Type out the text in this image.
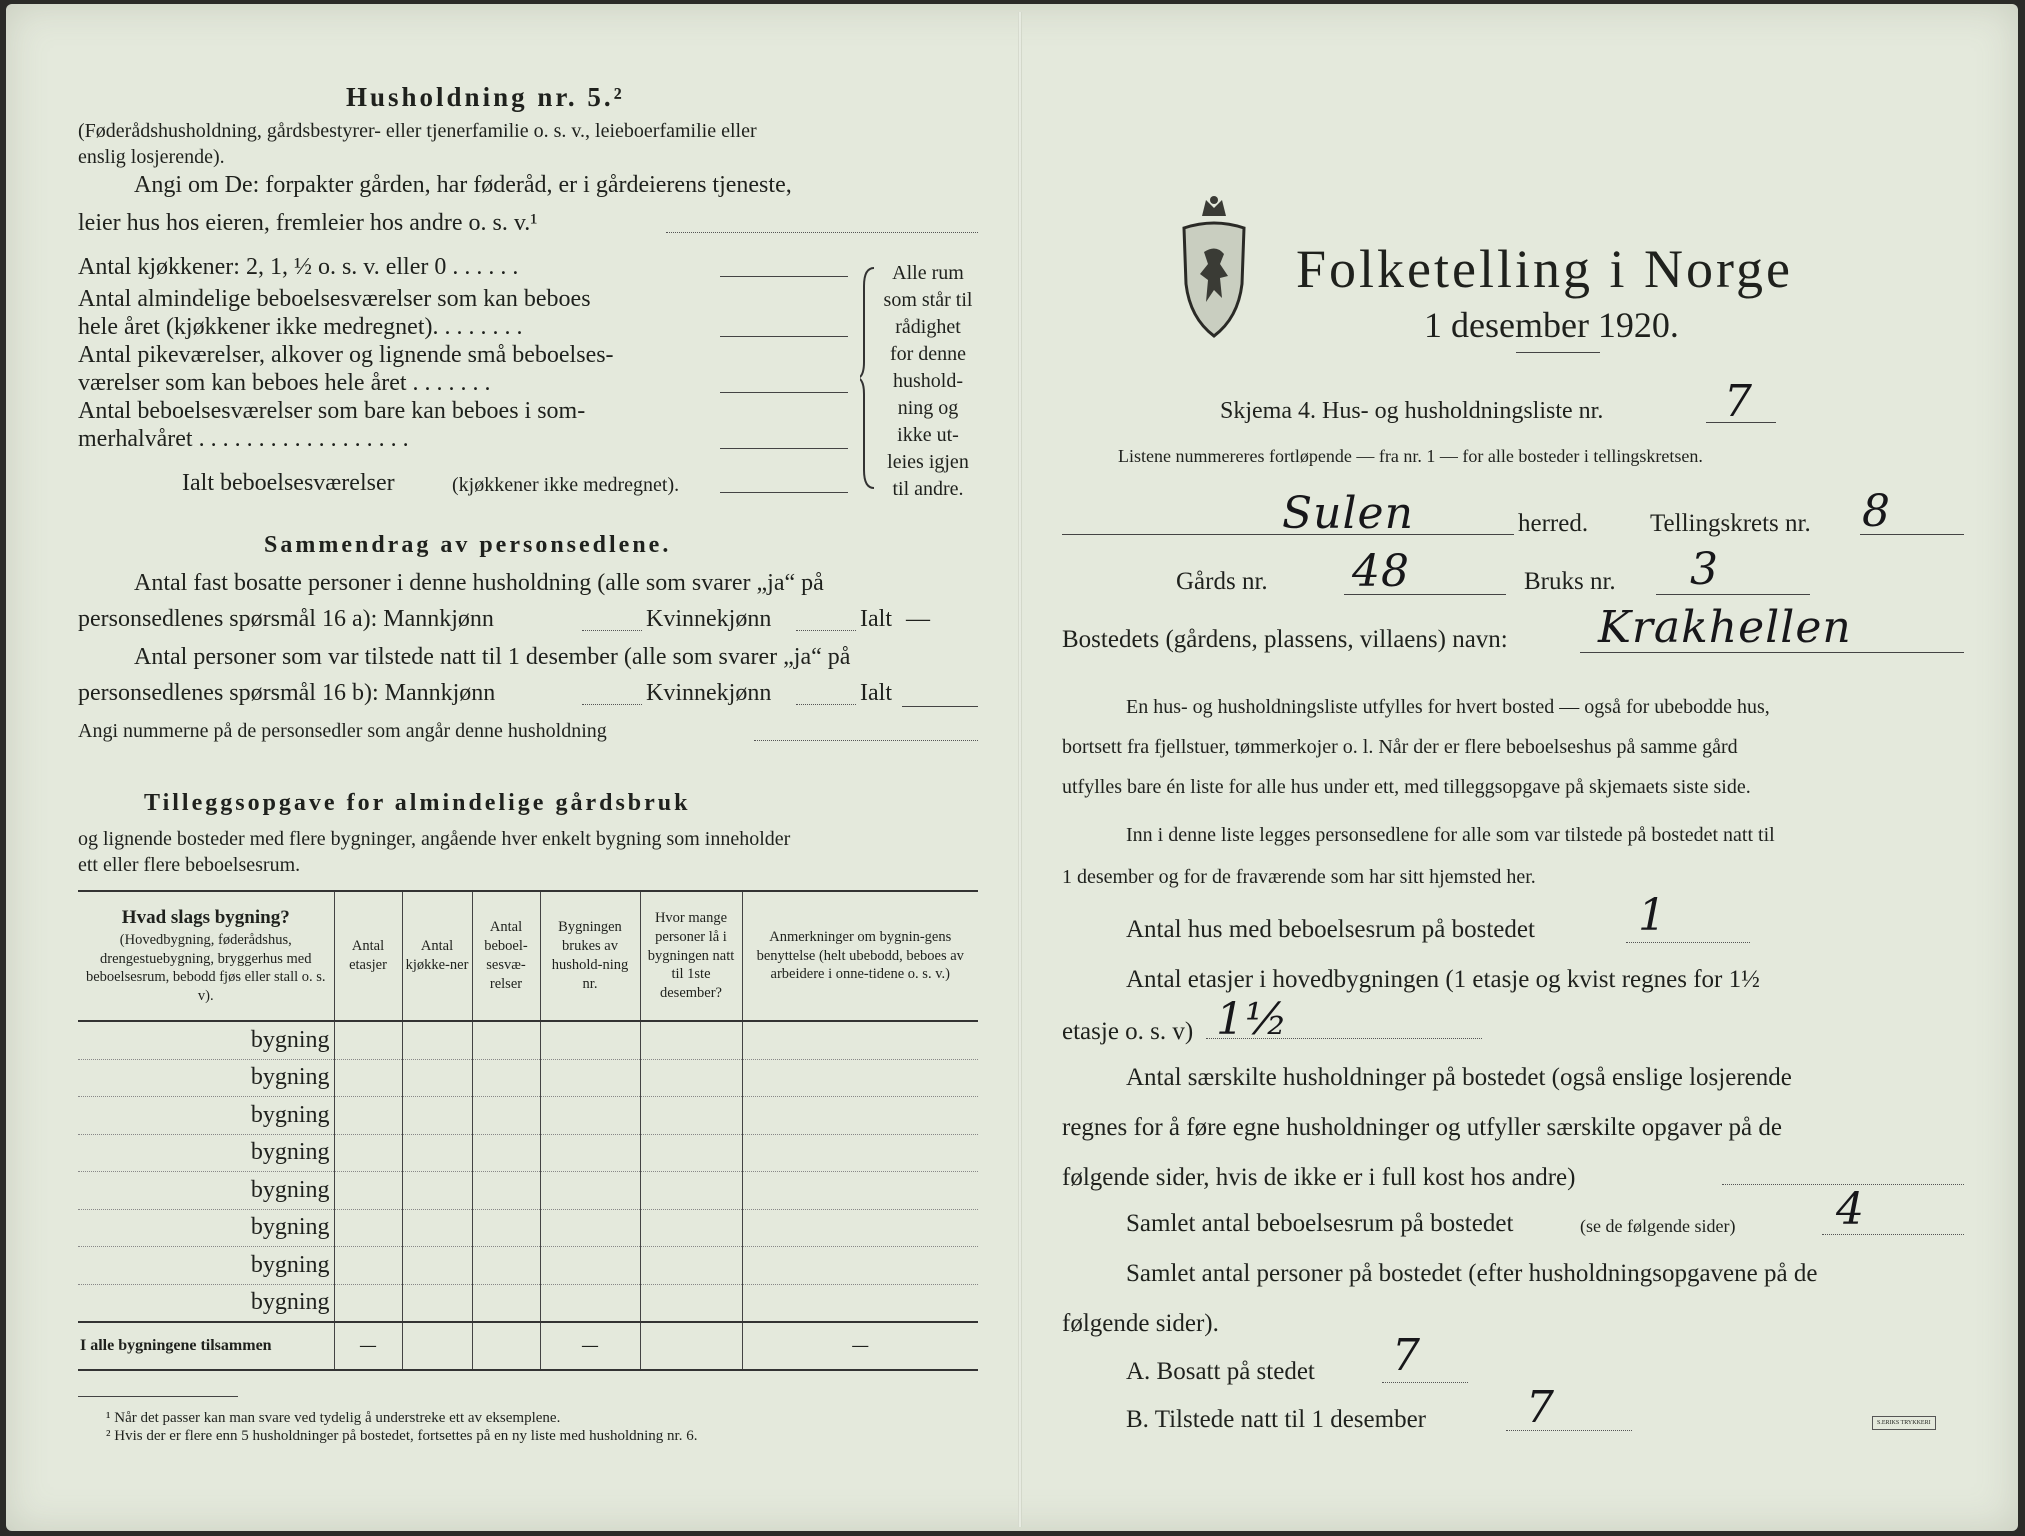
Husholdning nr. 5.²
(Føderådshusholdning, gårdsbestyrer- eller tjenerfamilie o. s. v., leieboerfamilie eller
enslig losjerende).
Angi om De: forpakter gården, har føderåd, er i gårdeierens tjeneste,
leier hus hos eieren, fremleier hos andre o. s. v.¹
Antal kjøkkener: 2, 1, ½ o. s. v. eller 0 . . . . . .
Antal almindelige beboelsesværelser som kan beboes
hele året (kjøkkener ikke medregnet). . . . . . . .
Antal pikeværelser, alkover og lignende små beboelses-
værelser som kan beboes hele året . . . . . . .
Antal beboelsesværelser som bare kan beboes i som-
merhalvåret . . . . . . . . . . . . . . . . . .
Ialt beboelsesværelser	(kjøkkener ikke medregnet).
Alle rum
som står til
rådighet
for denne
hushold-
ning og
ikke ut-
leies igjen
til andre.
Sammendrag av personsedlene.
Antal fast bosatte personer i denne husholdning (alle som svarer „ja“ på
personsedlenes spørsmål 16 a): Mannkjønn	Kvinnekjønn	Ialt —
Antal personer som var tilstede natt til 1 desember (alle som svarer „ja“ på
personsedlenes spørsmål 16 b): Mannkjønn	Kvinnekjønn	Ialt
Angi nummerne på de personsedler som angår denne husholdning
Tilleggsopgave for almindelige gårdsbruk
og lignende bosteder med flere bygninger, angående hver enkelt bygning som inneholder
ett eller flere beboelsesrum.
Hvad slags bygning?
(Hovedbygning, føderådshus, drengestuebygning, bryggerhus med beboelsesrum, bebodd fjøs eller stall o. s. v).	Antal etasjer	Antal kjøkke-ner	Antal beboel-sesvæ-relser	Bygningen brukes av hushold-ning nr.	Hvor mange personer lå i bygningen natt til 1ste desember?	Anmerkninger om bygnin-gens benyttelse (helt ubebodd, beboes av arbeidere i onne-tidene o. s. v.)
bygning						
bygning						
bygning						
bygning						
bygning						
bygning						
bygning						
bygning						
I alle bygningene tilsammen	—			—		—
¹ Når det passer kan man svare ved tydelig å understreke ett av eksemplene.
² Hvis der er flere enn 5 husholdninger på bostedet, fortsettes på en ny liste med husholdning nr. 6.
Folketelling i Norge
1 desember 1920.
Skjema 4. Hus- og husholdningsliste nr.	7
Listene nummereres fortløpende — fra nr. 1 — for alle bosteder i tellingskretsen.
Sulen	herred. Tellingskrets nr. 8
Gårds nr. 48	Bruks nr. 3
Bostedets (gårdens, plassens, villaens) navn: Krakhellen
En hus- og husholdningsliste utfylles for hvert bosted — også for ubebodde hus,
bortsett fra fjellstuer, tømmerkojer o. l. Når der er flere beboelseshus på samme gård
utfylles bare én liste for alle hus under ett, med tilleggsopgave på skjemaets siste side.
Inn i denne liste legges personsedlene for alle som var tilstede på bostedet natt til
1 desember og for de fraværende som har sitt hjemsted her.
Antal hus med beboelsesrum på bostedet 1
Antal etasjer i hovedbygningen (1 etasje og kvist regnes for 1½
etasje o. s. v) 1½
Antal særskilte husholdninger på bostedet (også enslige losjerende
regnes for å føre egne husholdninger og utfyller særskilte opgaver på de
følgende sider, hvis de ikke er i full kost hos andre)
Samlet antal beboelsesrum på bostedet	(se de følgende sider) 4
Samlet antal personer på bostedet (efter husholdningsopgavene på de
følgende sider).
A. Bosatt på stedet 7
B. Tilstede natt til 1 desember 7	S.ERIKS TRYKKERI
